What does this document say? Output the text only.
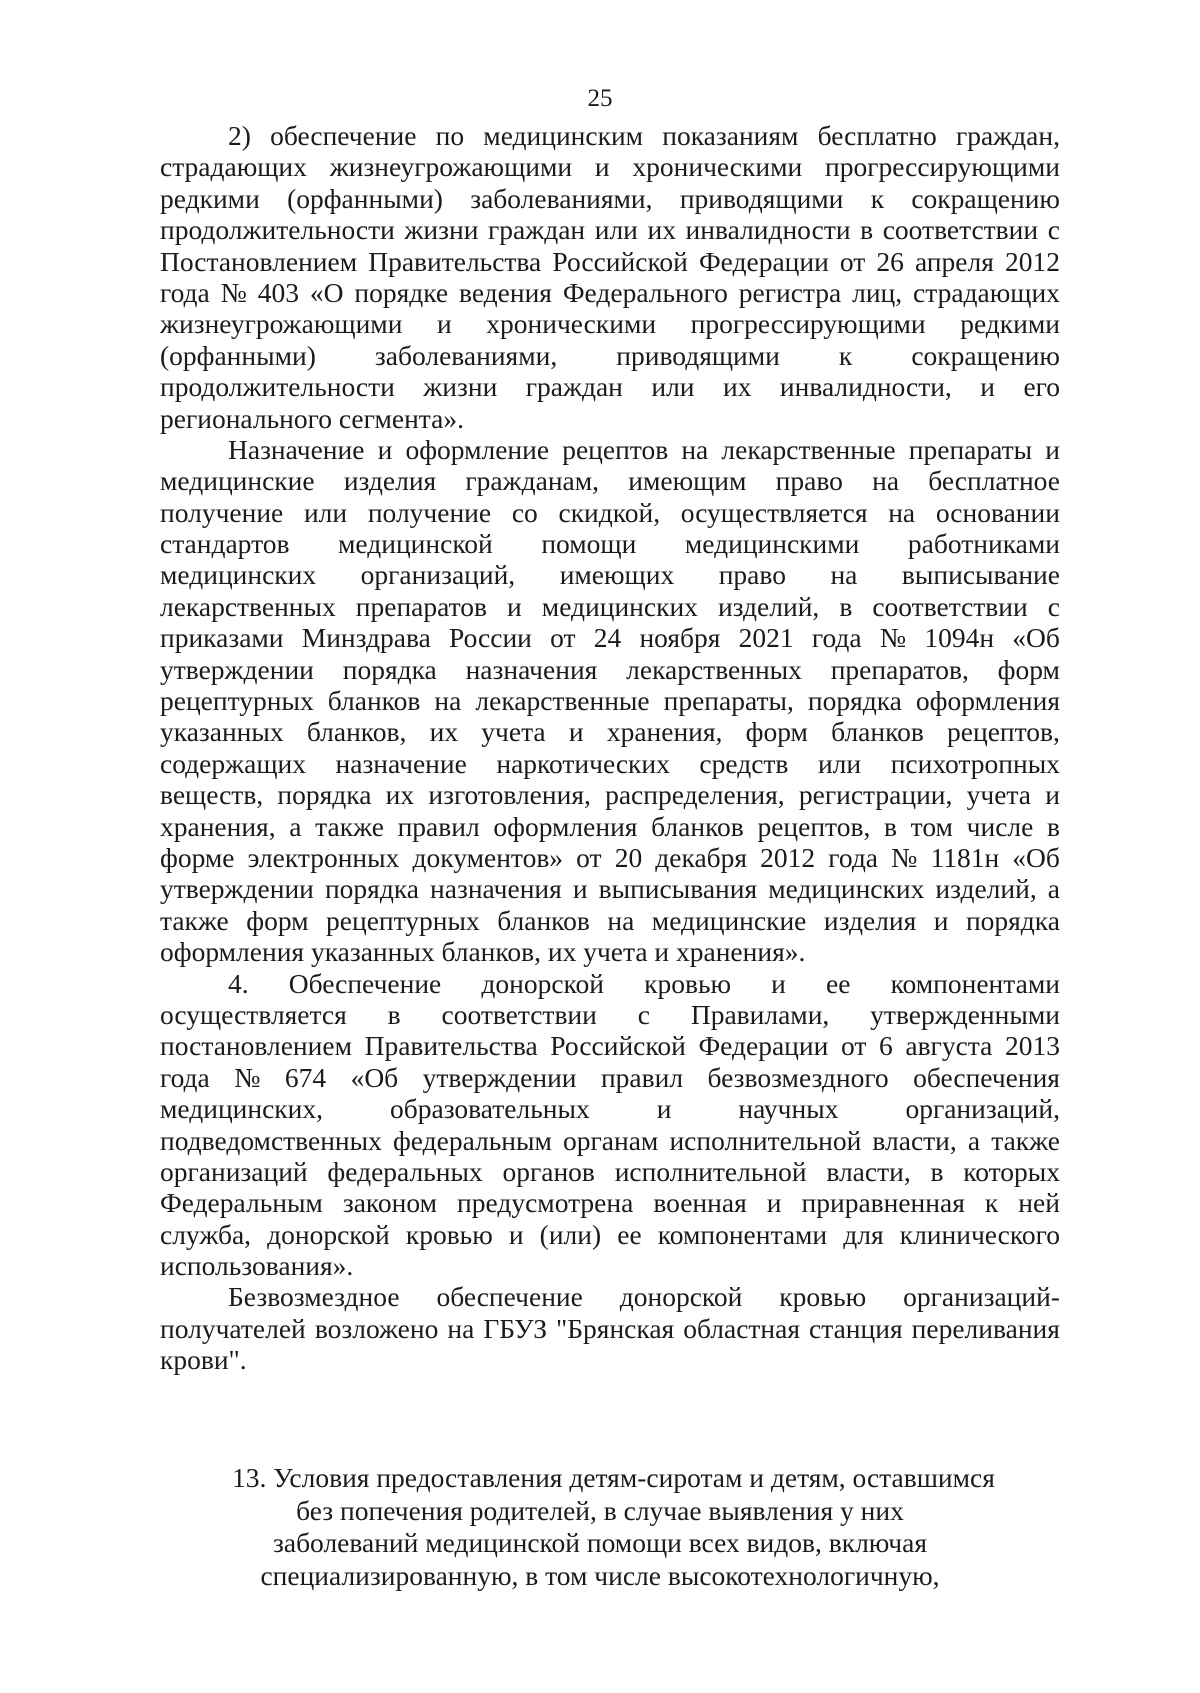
25
2) обеспечение по медицинским показаниям бесплатно граждан,
страдающих жизнеугрожающими и хроническими прогрессирующими
редкими (орфанными) заболеваниями, приводящими к сокращению
продолжительности жизни граждан или их инвалидности в соответствии с
Постановлением Правительства Российской Федерации от 26 апреля 2012
года № 403 «О порядке ведения Федерального регистра лиц, страдающих
жизнеугрожающими и хроническими прогрессирующими редкими
(орфанными) заболеваниями, приводящими к сокращению
продолжительности жизни граждан или их инвалидности, и его
регионального сегмента».
Назначение и оформление рецептов на лекарственные препараты и
медицинские изделия гражданам, имеющим право на бесплатное
получение или получение со скидкой, осуществляется на основании
стандартов медицинской помощи медицинскими работниками
медицинских организаций, имеющих право на выписывание
лекарственных препаратов и медицинских изделий, в соответствии с
приказами Минздрава России от 24 ноября 2021 года № 1094н «Об
утверждении порядка назначения лекарственных препаратов, форм
рецептурных бланков на лекарственные препараты, порядка оформления
указанных бланков, их учета и хранения, форм бланков рецептов,
содержащих назначение наркотических средств или психотропных
веществ, порядка их изготовления, распределения, регистрации, учета и
хранения, а также правил оформления бланков рецептов, в том числе в
форме электронных документов» от 20 декабря 2012 года № 1181н «Об
утверждении порядка назначения и выписывания медицинских изделий, а
также форм рецептурных бланков на медицинские изделия и порядка
оформления указанных бланков, их учета и хранения».
4. Обеспечение донорской кровью и ее компонентами
осуществляется в соответствии с Правилами, утвержденными
постановлением Правительства Российской Федерации от 6 августа 2013
года № 674 «Об утверждении правил безвозмездного обеспечения
медицинских, образовательных и научных организаций,
подведомственных федеральным органам исполнительной власти, а также
организаций федеральных органов исполнительной власти, в которых
Федеральным законом предусмотрена военная и приравненная к ней
служба, донорской кровью и (или) ее компонентами для клинического
использования».
Безвозмездное обеспечение донорской кровью организаций-
получателей возложено на ГБУЗ "Брянская областная станция переливания
крови".
13. Условия предоставления детям-сиротам и детям, оставшимся
без попечения родителей, в случае выявления у них
заболеваний медицинской помощи всех видов, включая
специализированную, в том числе высокотехнологичную,
